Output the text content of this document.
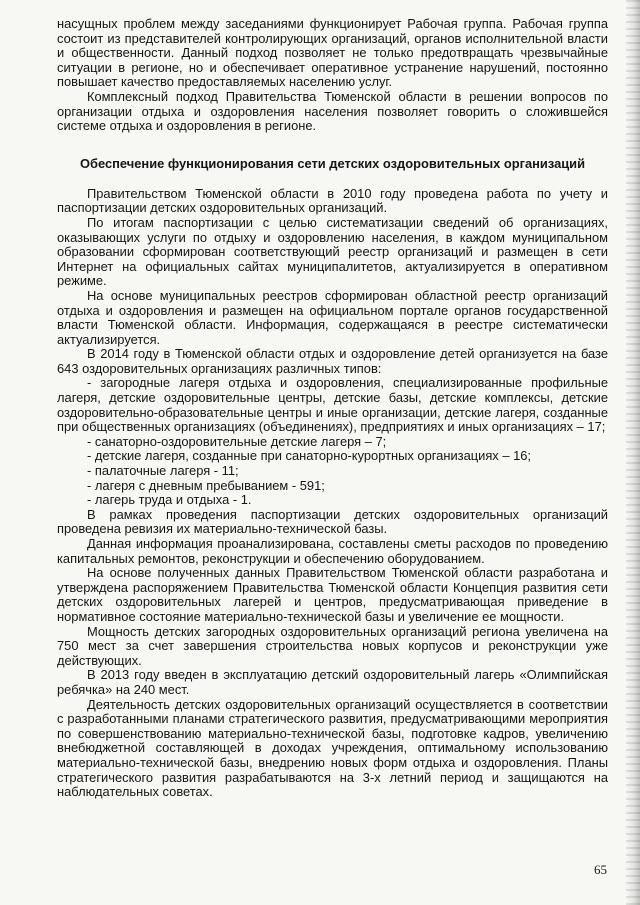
насущных проблем между заседаниями функционирует Рабочая группа. Рабочая группа состоит из представителей контролирующих организаций, органов исполнительной власти и общественности. Данный подход позволяет не только предотвращать чрезвычайные ситуации в регионе, но и обеспечивает оперативное устранение нарушений, постоянно повышает качество предоставляемых населению услуг.

Комплексный подход Правительства Тюменской области в решении вопросов по организации отдыха и оздоровления населения позволяет говорить о сложившейся системе отдыха и оздоровления в регионе.

Обеспечение функционирования сети детских оздоровительных организаций

Правительством Тюменской области в 2010 году проведена работа по учету и паспортизации детских оздоровительных организаций.

По итогам паспортизации с целью систематизации сведений об организациях, оказывающих услуги по отдыху и оздоровлению населения, в каждом муниципальном образовании сформирован соответствующий реестр организаций и размещен в сети Интернет на официальных сайтах муниципалитетов, актуализируется в оперативном режиме.

На основе муниципальных реестров сформирован областной реестр организаций отдыха и оздоровления и размещен на официальном портале органов государственной власти Тюменской области. Информация, содержащаяся в реестре систематически актуализируется.

В 2014 году в Тюменской области отдых и оздоровление детей организуется на базе 643 оздоровительных организациях различных типов:

- загородные лагеря отдыха и оздоровления, специализированные профильные лагеря, детские оздоровительные центры, детские базы, детские комплексы, детские оздоровительно-образовательные центры и иные организации, детские лагеря, созданные при общественных организациях (объединениях), предприятиях и иных организациях – 17;

- санаторно-оздоровительные детские лагеря – 7;

- детские лагеря, созданные при санаторно-курортных организациях – 16;

- палаточные лагеря - 11;

- лагеря с дневным пребыванием - 591;

- лагерь труда и отдыха - 1.

В рамках проведения паспортизации детских оздоровительных организаций проведена ревизия их материально-технической базы.

Данная информация проанализирована, составлены сметы расходов по проведению капитальных ремонтов, реконструкции и обеспечению оборудованием.

На основе полученных данных Правительством Тюменской области разработана и утверждена распоряжением Правительства Тюменской области Концепция развития сети детских оздоровительных лагерей и центров, предусматривающая приведение в нормативное состояние материально-технической базы и увеличение ее мощности.

Мощность детских загородных оздоровительных организаций региона увеличена на 750 мест за счет завершения строительства новых корпусов и реконструкции уже действующих.

В 2013 году введен в эксплуатацию детский оздоровительный лагерь «Олимпийская ребячка» на 240 мест.

Деятельность детских оздоровительных организаций осуществляется в соответствии с разработанными планами стратегического развития, предусматривающими мероприятия по совершенствованию материально-технической базы, подготовке кадров, увеличению внебюджетной составляющей в доходах учреждения, оптимальному использованию материально-технической базы, внедрению новых форм отдыха и оздоровления. Планы стратегического развития разрабатываются на 3-х летний период и защищаются на наблюдательных советах.

65
